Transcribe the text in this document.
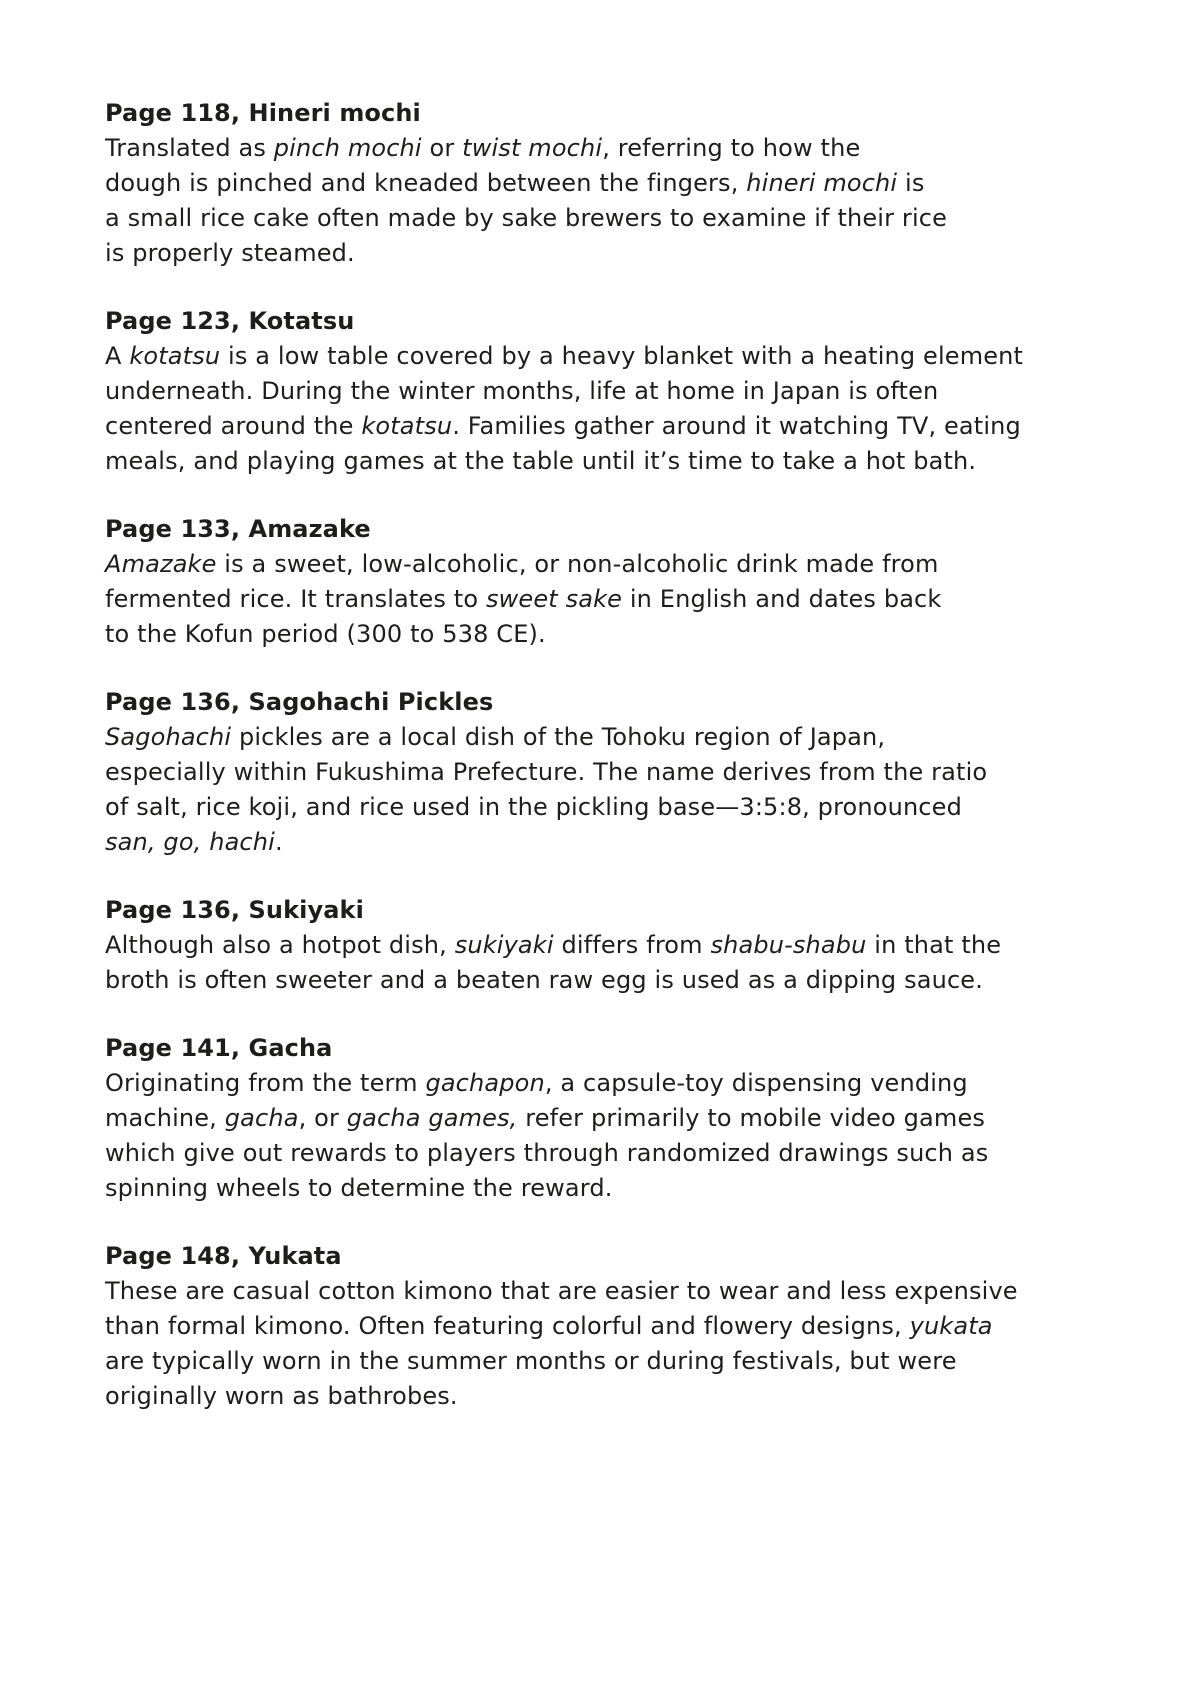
Page 118, Hineri mochi
Translated as pinch mochi or twist mochi, referring to how the
dough is pinched and kneaded between the fingers, hineri mochi is
a small rice cake often made by sake brewers to examine if their rice
is properly steamed.
Page 123, Kotatsu
A kotatsu is a low table covered by a heavy blanket with a heating element
underneath. During the winter months, life at home in Japan is often
centered around the kotatsu. Families gather around it watching TV, eating
meals, and playing games at the table until it’s time to take a hot bath.
Page 133, Amazake
Amazake is a sweet, low-alcoholic, or non-alcoholic drink made from
fermented rice. It translates to sweet sake in English and dates back
to the Kofun period (300 to 538 CE).
Page 136, Sagohachi Pickles
Sagohachi pickles are a local dish of the Tohoku region of Japan,
especially within Fukushima Prefecture. The name derives from the ratio
of salt, rice koji, and rice used in the pickling base—3:5:8, pronounced
san, go, hachi.
Page 136, Sukiyaki
Although also a hotpot dish, sukiyaki differs from shabu-shabu in that the
broth is often sweeter and a beaten raw egg is used as a dipping sauce.
Page 141, Gacha
Originating from the term gachapon, a capsule-toy dispensing vending
machine, gacha, or gacha games, refer primarily to mobile video games
which give out rewards to players through randomized drawings such as
spinning wheels to determine the reward.
Page 148, Yukata
These are casual cotton kimono that are easier to wear and less expensive
than formal kimono. Often featuring colorful and flowery designs, yukata
are typically worn in the summer months or during festivals, but were
originally worn as bathrobes.
